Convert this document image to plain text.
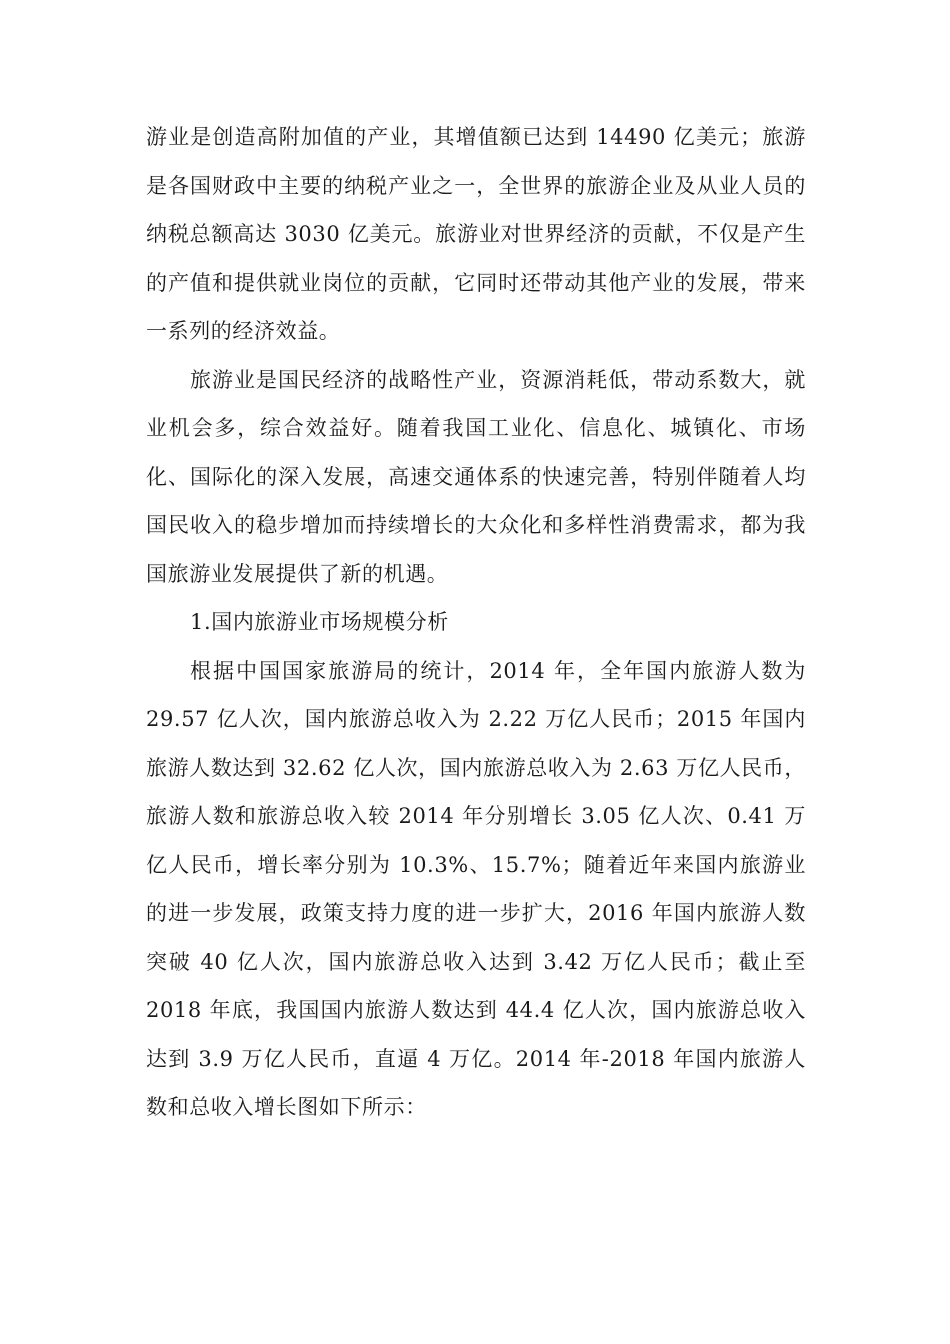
游业是创造高附加值的产业，其增值额已达到 14490 亿美元；旅游是各国财政中主要的纳税产业之一，全世界的旅游企业及从业人员的纳税总额高达 3030 亿美元。旅游业对世界经济的贡献，不仅是产生的产值和提供就业岗位的贡献，它同时还带动其他产业的发展，带来一系列的经济效益。

旅游业是国民经济的战略性产业，资源消耗低，带动系数大，就业机会多，综合效益好。随着我国工业化、信息化、城镇化、市场化、国际化的深入发展，高速交通体系的快速完善，特别伴随着人均国民收入的稳步增加而持续增长的大众化和多样性消费需求，都为我国旅游业发展提供了新的机遇。

1.国内旅游业市场规模分析

根据中国国家旅游局的统计，2014 年，全年国内旅游人数为 29.57 亿人次，国内旅游总收入为 2.22 万亿人民币；2015 年国内旅游人数达到 32.62 亿人次，国内旅游总收入为 2.63 万亿人民币，旅游人数和旅游总收入较 2014 年分别增长 3.05 亿人次、0.41 万亿人民币，增长率分别为 10.3%、15.7%；随着近年来国内旅游业的进一步发展，政策支持力度的进一步扩大，2016 年国内旅游人数突破 40 亿人次，国内旅游总收入达到 3.42 万亿人民币；截止至 2018 年底，我国国内旅游人数达到 44.4 亿人次，国内旅游总收入达到 3.9 万亿人民币，直逼 4 万亿。2014 年-2018 年国内旅游人数和总收入增长图如下所示：
